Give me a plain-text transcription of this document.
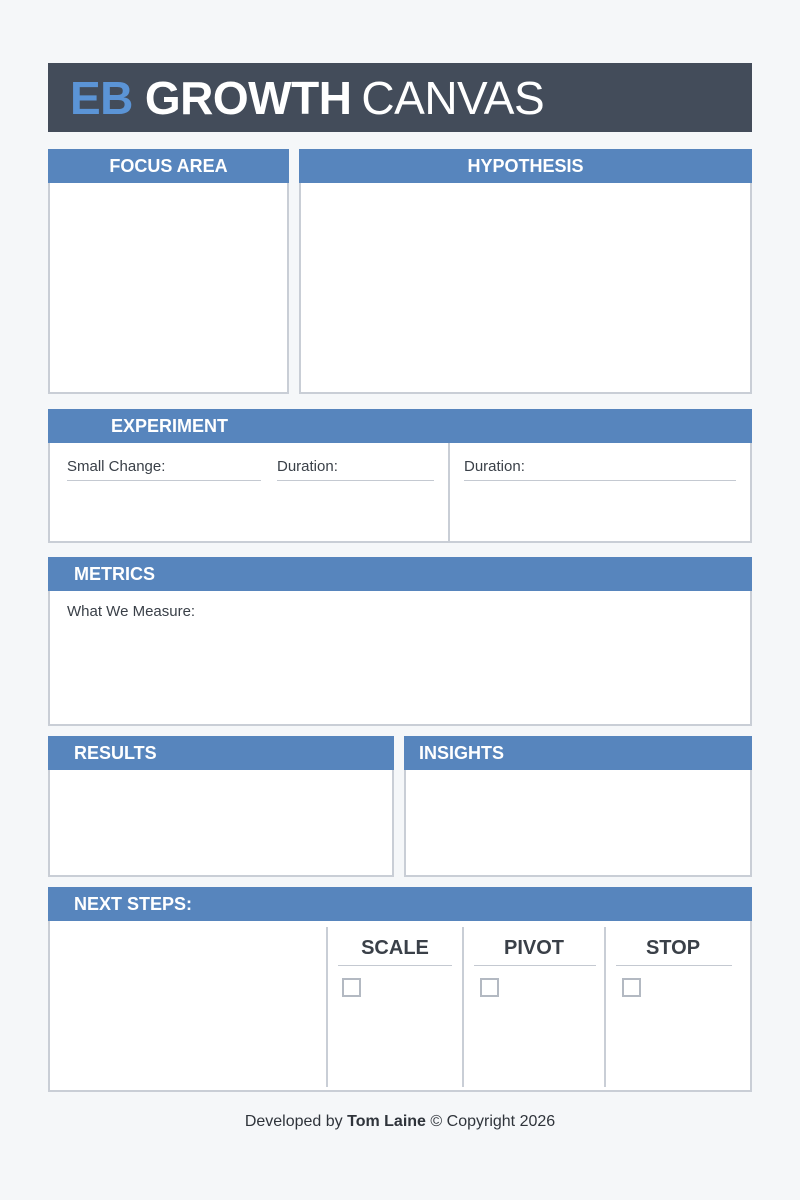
EB GROWTH CANVAS
FOCUS AREA	HYPOTHESIS
EXPERIMENT
Small Change:	Duration:	Duration:
METRICS
What We Measure:
RESULTS	INSIGHTS
NEXT STEPS:
SCALE	PIVOT	STOP
Developed by Tom Laine © Copyright 2026
